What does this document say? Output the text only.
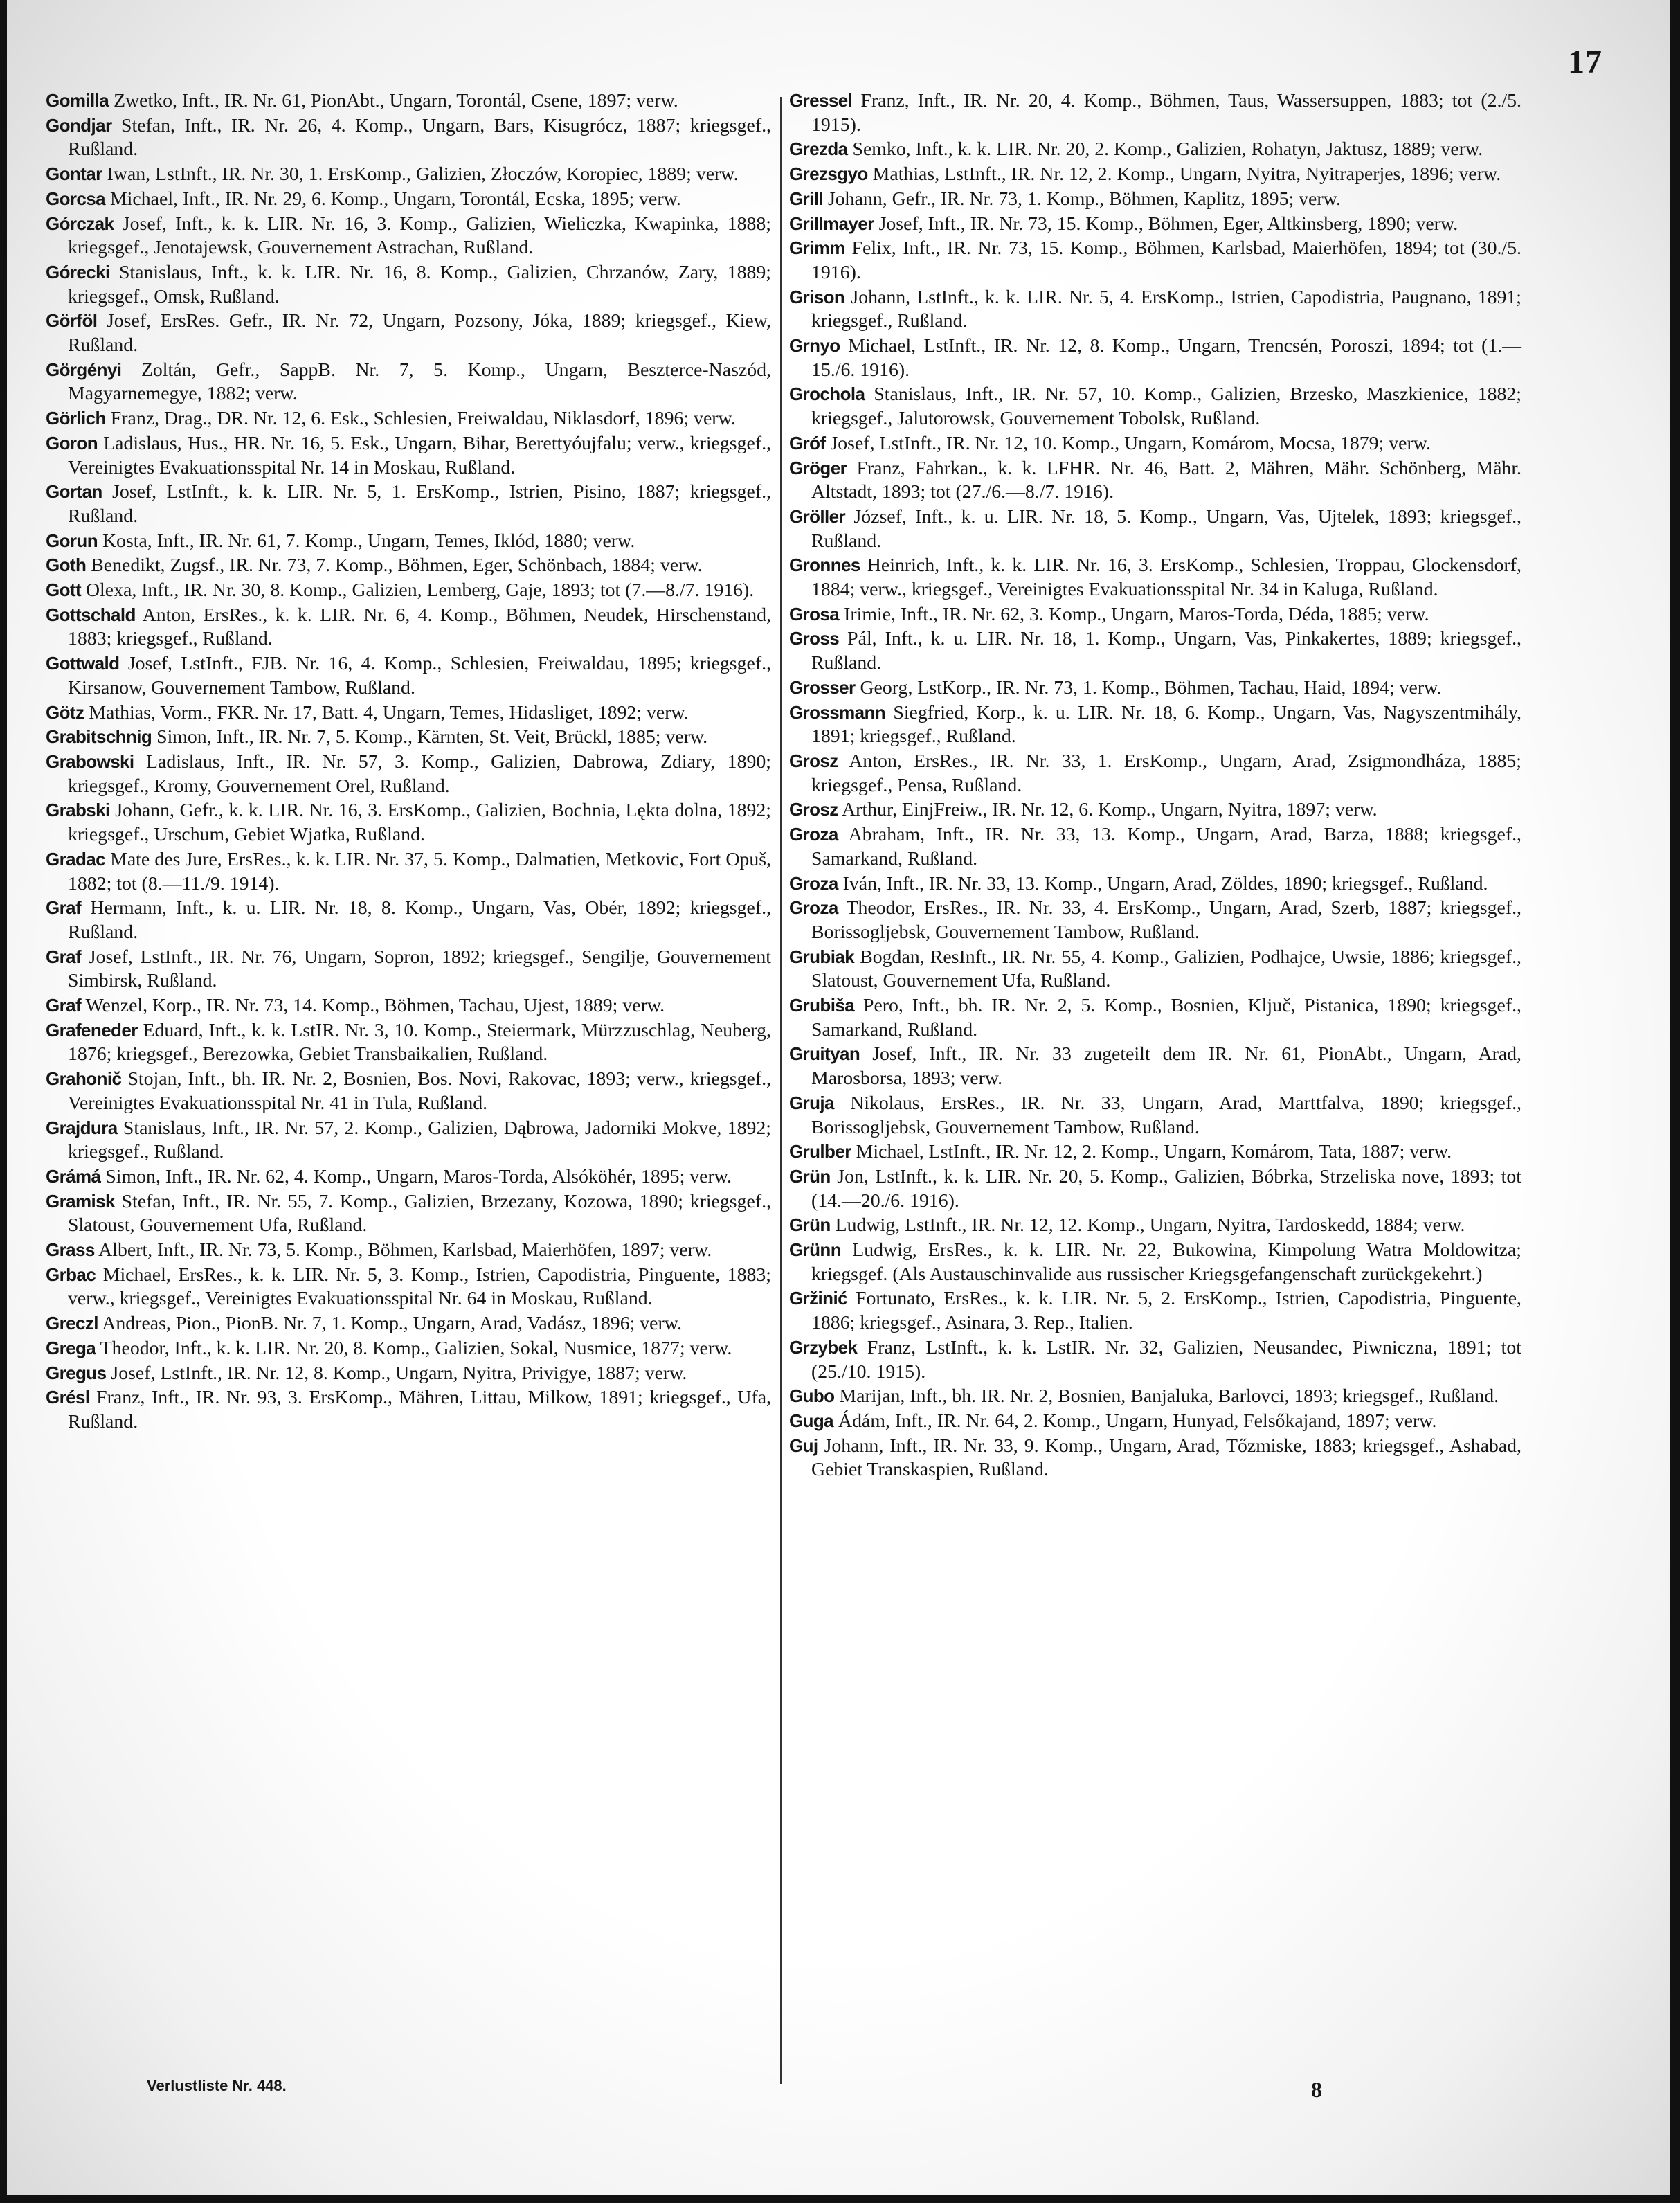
17
Gomilla Zwetko, Inft., IR. Nr. 61, PionAbt., Ungarn, Torontál, Csene, 1897; verw.
Gondjar Stefan, Inft., IR. Nr. 26, 4. Komp., Ungarn, Bars, Kisugrócz, 1887; kriegsgef., Rußland.
Gontar Iwan, LstInft., IR. Nr. 30, 1. ErsKomp., Galizien, Złoczów, Koropiec, 1889; verw.
Gorcsa Michael, Inft., IR. Nr. 29, 6. Komp., Ungarn, Torontál, Ecska, 1895; verw.
Górczak Josef, Inft., k. k. LIR. Nr. 16, 3. Komp., Galizien, Wieliczka, Kwapinka, 1888; kriegsgef., Jenotajewsk, Gouvernement Astrachan, Rußland.
Górecki Stanislaus, Inft., k. k. LIR. Nr. 16, 8. Komp., Galizien, Chrzanów, Zary, 1889; kriegsgef., Omsk, Rußland.
Görföl Josef, ErsRes. Gefr., IR. Nr. 72, Ungarn, Pozsony, Jóka, 1889; kriegsgef., Kiew, Rußland.
Görgényi Zoltán, Gefr., SappB. Nr. 7, 5. Komp., Ungarn, Beszterce-Naszód, Magyarnemegye, 1882; verw.
Görlich Franz, Drag., DR. Nr. 12, 6. Esk., Schlesien, Freiwaldau, Niklasdorf, 1896; verw.
Goron Ladislaus, Hus., HR. Nr. 16, 5. Esk., Ungarn, Bihar, Berettyóujfalu; verw., kriegsgef., Vereinigtes Evakuationsspital Nr. 14 in Moskau, Rußland.
Gortan Josef, LstInft., k. k. LIR. Nr. 5, 1. ErsKomp., Istrien, Pisino, 1887; kriegsgef., Rußland.
Gorun Kosta, Inft., IR. Nr. 61, 7. Komp., Ungarn, Temes, Iklód, 1880; verw.
Goth Benedikt, Zugsf., IR. Nr. 73, 7. Komp., Böhmen, Eger, Schönbach, 1884; verw.
Gott Olexa, Inft., IR. Nr. 30, 8. Komp., Galizien, Lemberg, Gaje, 1893; tot (7.—8./7. 1916).
Gottschald Anton, ErsRes., k. k. LIR. Nr. 6, 4. Komp., Böhmen, Neudek, Hirschenstand, 1883; kriegsgef., Rußland.
Gottwald Josef, LstInft., FJB. Nr. 16, 4. Komp., Schlesien, Freiwaldau, 1895; kriegsgef., Kirsanow, Gouvernement Tambow, Rußland.
Götz Mathias, Vorm., FKR. Nr. 17, Batt. 4, Ungarn, Temes, Hidasliget, 1892; verw.
Grabitschnig Simon, Inft., IR. Nr. 7, 5. Komp., Kärnten, St. Veit, Brückl, 1885; verw.
Grabowski Ladislaus, Inft., IR. Nr. 57, 3. Komp., Galizien, Dabrowa, Zdiary, 1890; kriegsgef., Kromy, Gouvernement Orel, Rußland.
Grabski Johann, Gefr., k. k. LIR. Nr. 16, 3. ErsKomp., Galizien, Bochnia, Lękta dolna, 1892; kriegsgef., Urschum, Gebiet Wjatka, Rußland.
Gradac Mate des Jure, ErsRes., k. k. LIR. Nr. 37, 5. Komp., Dalmatien, Metkovic, Fort Opuš, 1882; tot (8.—11./9. 1914).
Graf Hermann, Inft., k. u. LIR. Nr. 18, 8. Komp., Ungarn, Vas, Obér, 1892; kriegsgef., Rußland.
Graf Josef, LstInft., IR. Nr. 76, Ungarn, Sopron, 1892; kriegsgef., Sengilje, Gouvernement Simbirsk, Rußland.
Graf Wenzel, Korp., IR. Nr. 73, 14. Komp., Böhmen, Tachau, Ujest, 1889; verw.
Grafeneder Eduard, Inft., k. k. LstIR. Nr. 3, 10. Komp., Steiermark, Mürzzuschlag, Neuberg, 1876; kriegsgef., Berezowka, Gebiet Transbaikalien, Rußland.
Grahonič Stojan, Inft., bh. IR. Nr. 2, Bosnien, Bos. Novi, Rakovac, 1893; verw., kriegsgef., Vereinigtes Evakuationsspital Nr. 41 in Tula, Rußland.
Grajdura Stanislaus, Inft., IR. Nr. 57, 2. Komp., Galizien, Dąbrowa, Jadorniki Mokve, 1892; kriegsgef., Rußland.
Grámá Simon, Inft., IR. Nr. 62, 4. Komp., Ungarn, Maros-Torda, Alsóköhér, 1895; verw.
Gramisk Stefan, Inft., IR. Nr. 55, 7. Komp., Galizien, Brzezany, Kozowa, 1890; kriegsgef., Slatoust, Gouvernement Ufa, Rußland.
Grass Albert, Inft., IR. Nr. 73, 5. Komp., Böhmen, Karlsbad, Maierhöfen, 1897; verw.
Grbac Michael, ErsRes., k. k. LIR. Nr. 5, 3. Komp., Istrien, Capodistria, Pinguente, 1883; verw., kriegsgef., Vereinigtes Evakuationsspital Nr. 64 in Moskau, Rußland.
Greczl Andreas, Pion., PionB. Nr. 7, 1. Komp., Ungarn, Arad, Vadász, 1896; verw.
Grega Theodor, Inft., k. k. LIR. Nr. 20, 8. Komp., Galizien, Sokal, Nusmice, 1877; verw.
Gregus Josef, LstInft., IR. Nr. 12, 8. Komp., Ungarn, Nyitra, Privigye, 1887; verw.
Grésl Franz, Inft., IR. Nr. 93, 3. ErsKomp., Mähren, Littau, Milkow, 1891; kriegsgef., Ufa, Rußland.
Gressel Franz, Inft., IR. Nr. 20, 4. Komp., Böhmen, Taus, Wassersuppen, 1883; tot (2./5. 1915).
Grezda Semko, Inft., k. k. LIR. Nr. 20, 2. Komp., Galizien, Rohatyn, Jaktusz, 1889; verw.
Grezsgyo Mathias, LstInft., IR. Nr. 12, 2. Komp., Ungarn, Nyitra, Nyitraperjes, 1896; verw.
Grill Johann, Gefr., IR. Nr. 73, 1. Komp., Böhmen, Kaplitz, 1895; verw.
Grillmayer Josef, Inft., IR. Nr. 73, 15. Komp., Böhmen, Eger, Altkinsberg, 1890; verw.
Grimm Felix, Inft., IR. Nr. 73, 15. Komp., Böhmen, Karlsbad, Maierhöfen, 1894; tot (30./5. 1916).
Grison Johann, LstInft., k. k. LIR. Nr. 5, 4. ErsKomp., Istrien, Capodistria, Paugnano, 1891; kriegsgef., Rußland.
Grnyo Michael, LstInft., IR. Nr. 12, 8. Komp., Ungarn, Trencsén, Poroszi, 1894; tot (1.—15./6. 1916).
Grochola Stanislaus, Inft., IR. Nr. 57, 10. Komp., Galizien, Brzesko, Maszkienice, 1882; kriegsgef., Jalutorowsk, Gouvernement Tobolsk, Rußland.
Gróf Josef, LstInft., IR. Nr. 12, 10. Komp., Ungarn, Komárom, Mocsa, 1879; verw.
Gröger Franz, Fahrkan., k. k. LFHR. Nr. 46, Batt. 2, Mähren, Mähr. Schönberg, Mähr. Altstadt, 1893; tot (27./6.—8./7. 1916).
Gröller József, Inft., k. u. LIR. Nr. 18, 5. Komp., Ungarn, Vas, Ujtelek, 1893; kriegsgef., Rußland.
Gronnes Heinrich, Inft., k. k. LIR. Nr. 16, 3. ErsKomp., Schlesien, Troppau, Glockensdorf, 1884; verw., kriegsgef., Vereinigtes Evakuationsspital Nr. 34 in Kaluga, Rußland.
Grosa Irimie, Inft., IR. Nr. 62, 3. Komp., Ungarn, Maros-Torda, Déda, 1885; verw.
Gross Pál, Inft., k. u. LIR. Nr. 18, 1. Komp., Ungarn, Vas, Pinkakertes, 1889; kriegsgef., Rußland.
Grosser Georg, LstKorp., IR. Nr. 73, 1. Komp., Böhmen, Tachau, Haid, 1894; verw.
Grossmann Siegfried, Korp., k. u. LIR. Nr. 18, 6. Komp., Ungarn, Vas, Nagyszentmihály, 1891; kriegsgef., Rußland.
Grosz Anton, ErsRes., IR. Nr. 33, 1. ErsKomp., Ungarn, Arad, Zsigmondháza, 1885; kriegsgef., Pensa, Rußland.
Grosz Arthur, EinjFreiw., IR. Nr. 12, 6. Komp., Ungarn, Nyitra, 1897; verw.
Groza Abraham, Inft., IR. Nr. 33, 13. Komp., Ungarn, Arad, Barza, 1888; kriegsgef., Samarkand, Rußland.
Groza Iván, Inft., IR. Nr. 33, 13. Komp., Ungarn, Arad, Zöldes, 1890; kriegsgef., Rußland.
Groza Theodor, ErsRes., IR. Nr. 33, 4. ErsKomp., Ungarn, Arad, Szerb, 1887; kriegsgef., Borissoglјebsk, Gouvernement Tambow, Rußland.
Grubiak Bogdan, ResInft., IR. Nr. 55, 4. Komp., Galizien, Podhajce, Uwsie, 1886; kriegsgef., Slatoust, Gouvernement Ufa, Rußland.
Grubiša Pero, Inft., bh. IR. Nr. 2, 5. Komp., Bosnien, Ključ, Pistanica, 1890; kriegsgef., Samarkand, Rußland.
Gruityan Josef, Inft., IR. Nr. 33 zugeteilt dem IR. Nr. 61, PionAbt., Ungarn, Arad, Marosborsa, 1893; verw.
Gruja Nikolaus, ErsRes., IR. Nr. 33, Ungarn, Arad, Marttfalva, 1890; kriegsgef., Borissoglјebsk, Gouvernement Tambow, Rußland.
Grulber Michael, LstInft., IR. Nr. 12, 2. Komp., Ungarn, Komárom, Tata, 1887; verw.
Grün Jon, LstInft., k. k. LIR. Nr. 20, 5. Komp., Galizien, Bóbrka, Strzeliska nove, 1893; tot (14.—20./6. 1916).
Grün Ludwig, LstInft., IR. Nr. 12, 12. Komp., Ungarn, Nyitra, Tardoskedd, 1884; verw.
Grünn Ludwig, ErsRes., k. k. LIR. Nr. 22, Bukowina, Kimpolung Watra Moldowitza; kriegsgef. (Als Austauschinvalide aus russischer Kriegsgefangenschaft zurückgekehrt.)
Gržinić Fortunato, ErsRes., k. k. LIR. Nr. 5, 2. ErsKomp., Istrien, Capodistria, Pinguente, 1886; kriegsgef., Asinara, 3. Rep., Italien.
Grzybek Franz, LstInft., k. k. LstIR. Nr. 32, Galizien, Neusandec, Piwniczna, 1891; tot (25./10. 1915).
Gubo Marijan, Inft., bh. IR. Nr. 2, Bosnien, Banjaluka, Barlovci, 1893; kriegsgef., Rußland.
Guga Ádám, Inft., IR. Nr. 64, 2. Komp., Ungarn, Hunyad, Felsőkajand, 1897; verw.
Guj Johann, Inft., IR. Nr. 33, 9. Komp., Ungarn, Arad, Tőzmiske, 1883; kriegsgef., Ashabad, Gebiet Transkaspien, Rußland.
Verlustliste Nr. 448.	8
